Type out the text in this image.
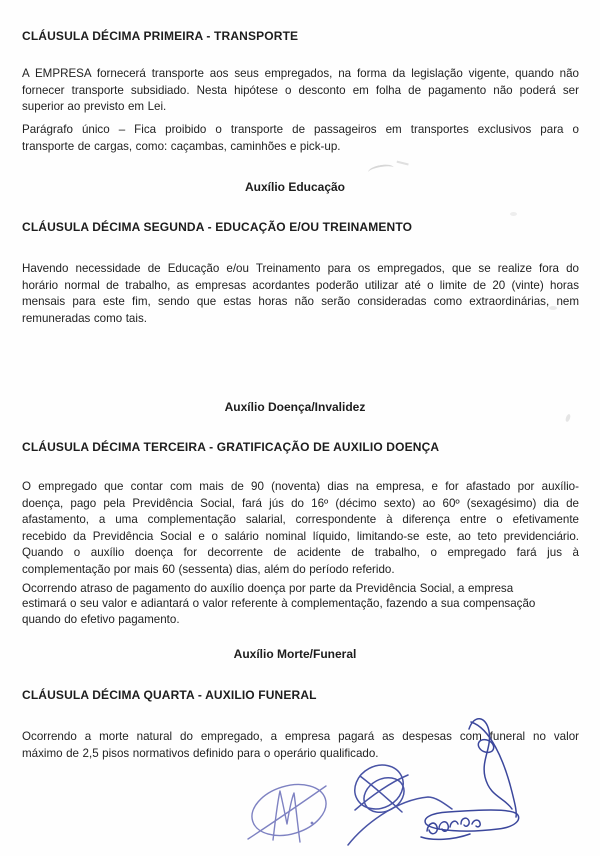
CLÁUSULA DÉCIMA PRIMEIRA - TRANSPORTE
A EMPRESA fornecerá transporte aos seus empregados, na forma da legislação vigente, quando não
fornecer transporte subsidiado. Nesta hipótese o desconto em folha de pagamento não poderá ser
superior ao previsto em Lei.
Parágrafo único – Fica proibido o transporte de passageiros em transportes exclusivos para o
transporte de cargas, como: caçambas, caminhões e pick-up.
Auxílio Educação
CLÁUSULA DÉCIMA SEGUNDA - EDUCAÇÃO E/OU TREINAMENTO
Havendo necessidade de Educação e/ou Treinamento para os empregados, que se realize fora do
horário normal de trabalho, as empresas acordantes poderão utilizar até o limite de 20 (vinte) horas
mensais para este fim, sendo que estas horas não serão consideradas como extraordinárias, nem
remuneradas como tais.
Auxílio Doença/Invalidez
CLÁUSULA DÉCIMA TERCEIRA - GRATIFICAÇÃO DE AUXILIO DOENÇA
O empregado que contar com mais de 90 (noventa) dias na empresa, e for afastado por auxílio-
doença, pago pela Previdência Social, fará jús do 16º (décimo sexto) ao 60º (sexagésimo) dia de
afastamento, a uma complementação salarial, correspondente à diferença entre o efetivamente
recebido da Previdência Social e o salário nominal líquido, limitando-se este, ao teto previdenciário.
Quando o auxílio doença for decorrente de acidente de trabalho, o empregado fará jus à
complementação por mais 60 (sessenta) dias, além do período referido.
Ocorrendo atraso de pagamento do auxílio doença por parte da Previdência Social, a empresa
estimará o seu valor e adiantará o valor referente à complementação, fazendo a sua compensação
quando do efetivo pagamento.
Auxílio Morte/Funeral
CLÁUSULA DÉCIMA QUARTA - AUXILIO FUNERAL
Ocorrendo a morte natural do empregado, a empresa pagará as despesas com funeral no valor
máximo de 2,5 pisos normativos definido para o operário qualificado.
